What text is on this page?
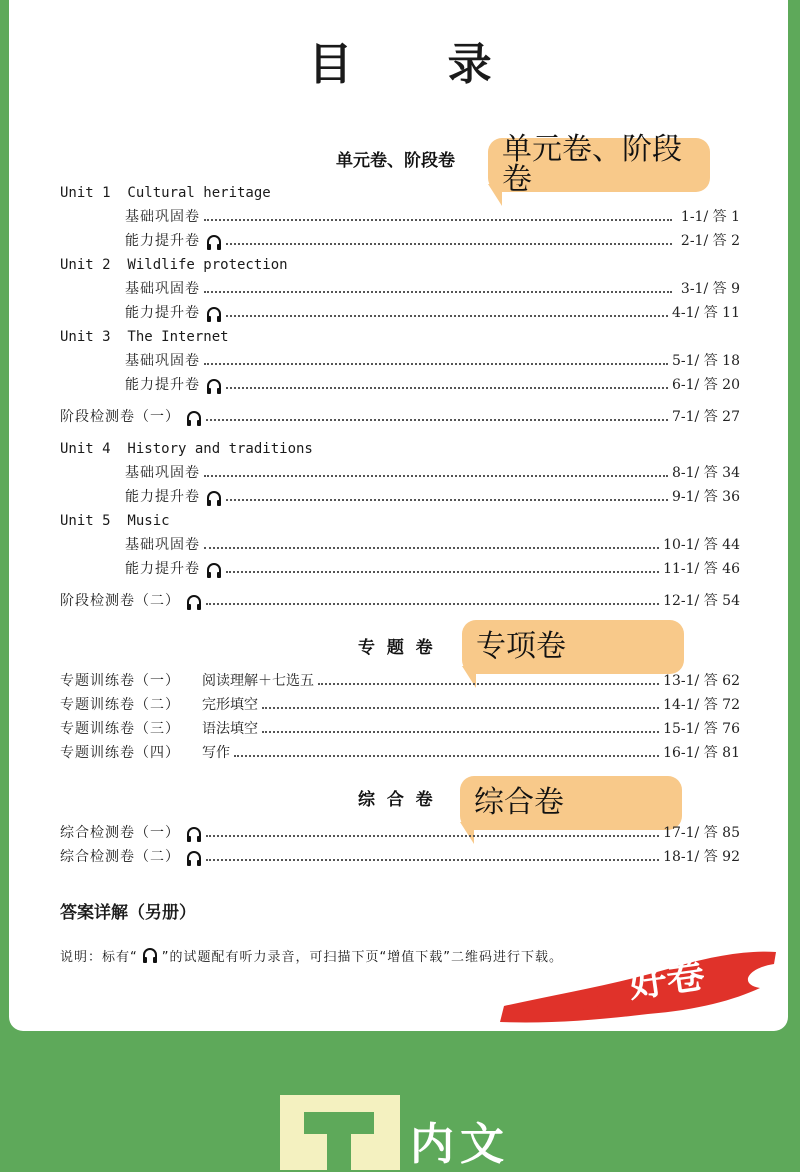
目 录
单元卷、阶段卷 单元卷、阶段卷
Unit 1  Cultural heritage
基础巩固卷	1-1/ 答 1
能力提升卷	2-1/ 答 2
Unit 2  Wildlife protection
基础巩固卷	3-1/ 答 9
能力提升卷	4-1/ 答 11
Unit 3  The Internet
基础巩固卷	5-1/ 答 18
能力提升卷	6-1/ 答 20
阶段检测卷（一）	7-1/ 答 27
Unit 4  History and traditions
基础巩固卷	8-1/ 答 34
能力提升卷	9-1/ 答 36
Unit 5  Music
基础巩固卷	10-1/ 答 44
能力提升卷	11-1/ 答 46
阶段检测卷（二）	12-1/ 答 54
专  题  卷 专项卷
专题训练卷（一） 阅读理解＋七选五	13-1/ 答 62
专题训练卷（二） 完形填空	14-1/ 答 72
专题训练卷（三） 语法填空	15-1/ 答 76
专题训练卷（四） 写作	16-1/ 答 81
综  合  卷 综合卷
综合检测卷（一）	17-1/ 答 85
综合检测卷（二）	18-1/ 答 92
答案详解（另册）
说明：标有“ ”的试题配有听力录音，可扫描下页“增值下载”二维码进行下载。 好卷
内文
